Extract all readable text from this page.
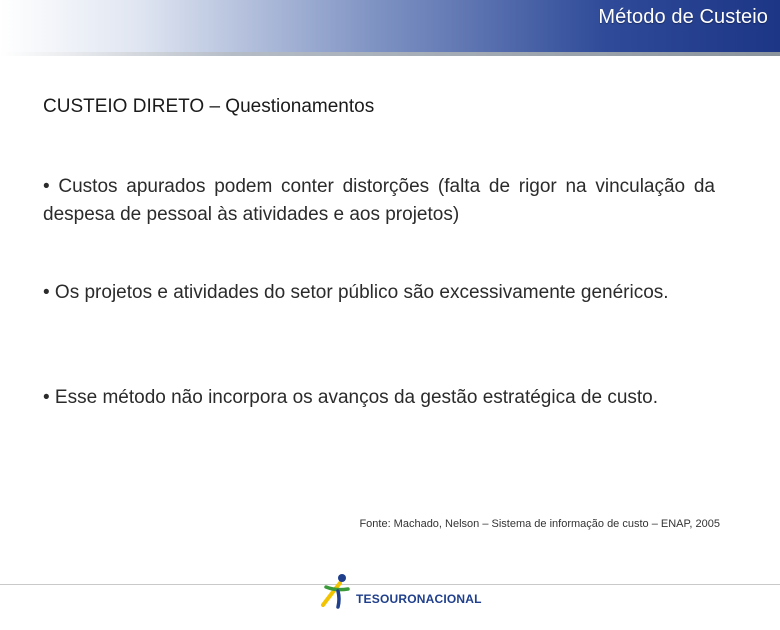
Método de Custeio
CUSTEIO DIRETO – Questionamentos
• Custos apurados podem conter distorções (falta de rigor na vinculação da despesa de pessoal às atividades e aos projetos)
• Os projetos e atividades do setor público são excessivamente genéricos.
• Esse método não incorpora os avanços da gestão estratégica de custo.
Fonte: Machado, Nelson – Sistema de informação de custo – ENAP, 2005
TESOURONACIONAL
